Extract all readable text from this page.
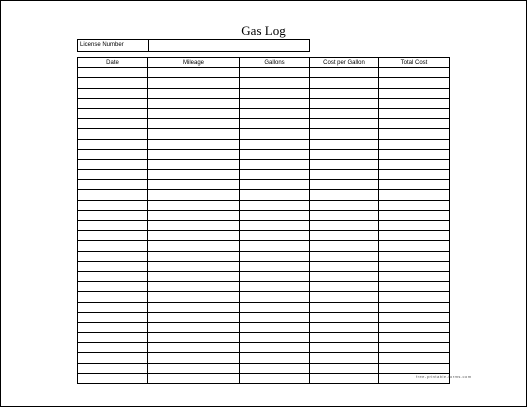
Gas Log
License Number	
Date	Mileage	Gallons	Cost per Gallon	Total Cost

free-printable-forms.com
